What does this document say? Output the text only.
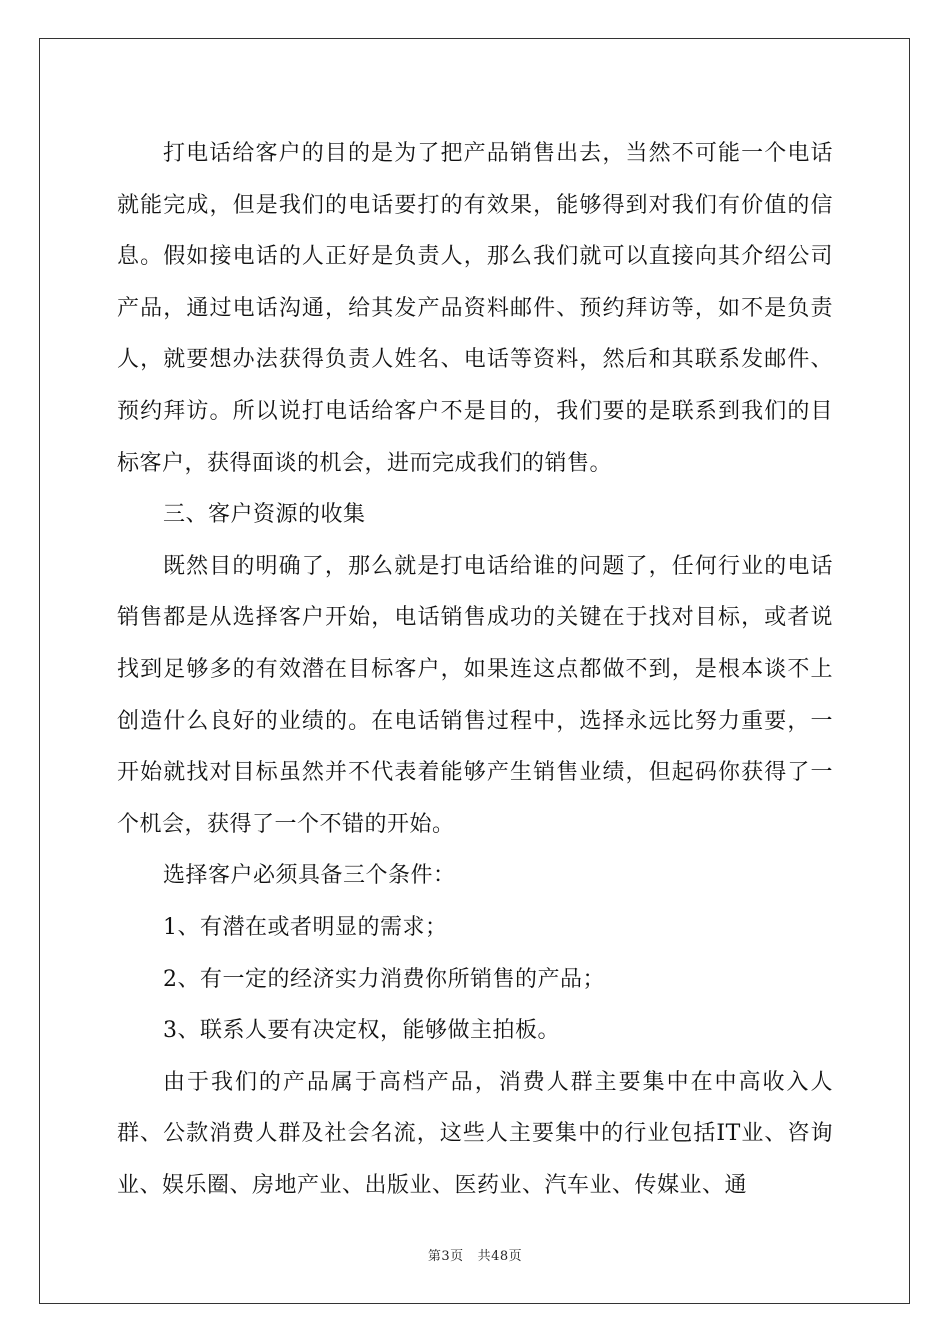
打电话给客户的目的是为了把产品销售出去，当然不可能一个电话就能完成，但是我们的电话要打的有效果，能够得到对我们有价值的信息。假如接电话的人正好是负责人，那么我们就可以直接向其介绍公司产品，通过电话沟通，给其发产品资料邮件、预约拜访等，如不是负责人，就要想办法获得负责人姓名、电话等资料，然后和其联系发邮件、预约拜访。所以说打电话给客户不是目的，我们要的是联系到我们的目标客户，获得面谈的机会，进而完成我们的销售。

三、客户资源的收集

既然目的明确了，那么就是打电话给谁的问题了，任何行业的电话销售都是从选择客户开始，电话销售成功的关键在于找对目标，或者说找到足够多的有效潜在目标客户，如果连这点都做不到，是根本谈不上创造什么良好的业绩的。在电话销售过程中，选择永远比努力重要，一开始就找对目标虽然并不代表着能够产生销售业绩，但起码你获得了一个机会，获得了一个不错的开始。

选择客户必须具备三个条件：

1、有潜在或者明显的需求；

2、有一定的经济实力消费你所销售的产品；

3、联系人要有决定权，能够做主拍板。

由于我们的产品属于高档产品，消费人群主要集中在中高收入人群、公款消费人群及社会名流，这些人主要集中的行业包括IT业、咨询业、娱乐圈、房地产业、出版业、医药业、汽车业、传媒业、通

第3页 共48页
